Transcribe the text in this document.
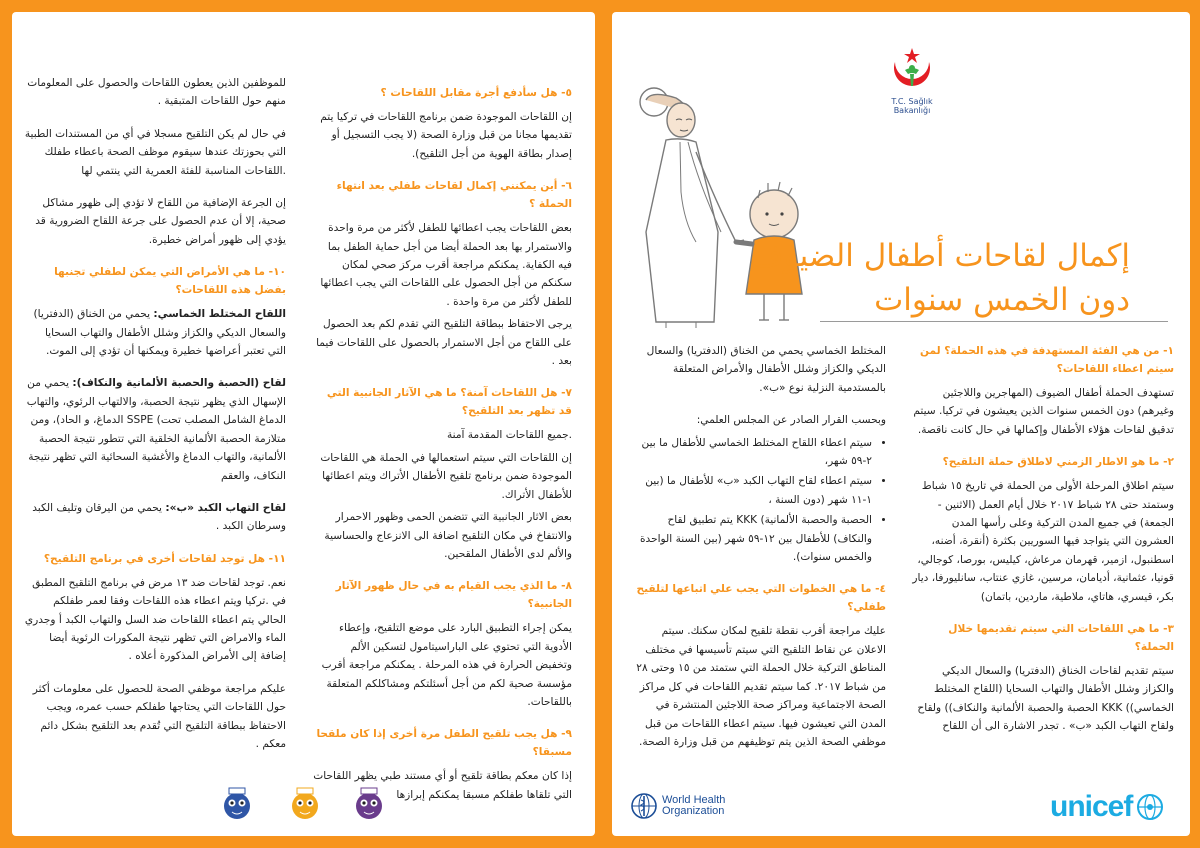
للموظفين الذين يعطون اللقاحات والحصول على المعلومات منهم حول اللقاحات المتبقية .

في حال لم يكن التلقيح مسجلا في أي من المستندات الطبية التي بحوزتك عندها سيقوم موظف الصحة باعطاء طفلك .اللقاحات المناسبة للفئة العمرية التي ينتمي لها

إن الجرعة الإضافية من اللقاح لا تؤدي إلى ظهور مشاكل صحية، إلا أن عدم الحصول على جرعة اللقاح الضرورية قد يؤدي إلى ظهور أمراض خطيرة.

١٠- ما هي الأمراض التي يمكن لطفلي تجنبها بفضل هذه اللقاحات؟

اللقاح المختلط الخماسي: يحمي من الخناق (الدفتريا) والسعال الديكي والكزاز وشلل الأطفال والتهاب السحايا التي تعتبر أعراضها خطيرة ويمكنها أن تؤدي إلى الموت.

لقاح (الحصبة والحصبة الألمانية والنكاف): يحمي من الإسهال الذي يظهر نتيجة الحصبة، والالتهاب الرئوي، والتهاب الدماغ الشامل المصلب تحت) SSPE الدماغ، و الحاد)، ومن متلازمة الحصبة الألمانية الخلقية التي تتطور نتيجة الحصبة الألمانية، والتهاب الدماغ والأغشية السحائية التي تظهر نتيجة النكاف، والعقم

لقاح التهاب الكبد «ب»: يحمي من اليرقان وتليف الكبد وسرطان الكبد .

١١- هل توجد لقاحات أخرى في برنامج التلقيح؟

نعم. توجد لقاحات ضد ١٣ مرض في برنامج التلقيح المطبق في .تركيا ويتم اعطاء هذه اللقاحات وفقا لعمر طفلكم الحالي يتم اعطاء اللقاحات ضد السل والتهاب الكبد أ وجدري الماء والامراض التي تظهر نتيجة المكورات الرئوية أيضا إضافة إلى الأمراض المذكورة أعلاه .

عليكم مراجعة موظفي الصحة للحصول على معلومات أكثر حول اللقاحات التي يحتاجها طفلكم حسب عمره، ويجب الاحتفاظ ببطاقة التلقيح التي تُقدم بعد التلقيح بشكل دائم معكم .

٥- هل سأدفع أجرة مقابل اللقاحات ؟

إن اللقاحات الموجودة ضمن برنامج اللقاحات في تركيا يتم تقديمها مجانا من قبل وزارة الصحة (لا يجب التسجيل أو إصدار بطاقة الهوية من أجل التلقيح).

٦- أين يمكنني إكمال لقاحات طفلي بعد انتهاء الحملة ؟

بعض اللقاحات يجب اعطائها للطفل لأكثر من مرة واحدة والاستمرار بها بعد الحملة أيضا من أجل حماية الطفل بما فيه الكفاية. يمكنكم مراجعة أقرب مركز صحي لمكان سكنكم من أجل الحصول على اللقاحات التي يجب اعطائها للطفل لأكثر من مرة واحدة .

يرجى الاحتفاظ ببطاقة التلقيح التي تقدم لكم بعد الحصول على اللقاح من أجل الاستمرار بالحصول على اللقاحات فيما بعد .

٧- هل اللقاحات آمنة؟ ما هي الآثار الجانبية التي قد تظهر بعد التلقيح؟

.جميع اللقاحات المقدمة آمنة

إن اللقاحات التي سيتم استعمالها في الحملة هي اللقاحات الموجودة ضمن برنامج تلقيح الأطفال الأتراك ويتم اعطائها للأطفال الأتراك.

بعض الاثار الجانبية التي تتضمن الحمى وظهور الاحمرار والانتفاخ في مكان التلقيح اضافة الى الانزعاج والحساسية والألم لدى الأطفال الملقحين.

٨- ما الذي يجب القيام به في حال ظهور الآثار الجانبية؟

يمكن إجراء التطبيق البارد على موضع التلقيح، وإعطاء الأدوية التي تحتوي على الباراسيتامول لتسكين الألم وتخفيض الحرارة في هذه المرحلة . يمكنكم مراجعة أقرب مؤسسة صحية لكم من أجل أسئلتكم ومشاكلكم المتعلقة باللقاحات.

٩- هل يجب تلقيح الطفل مرة أخرى إذا كان ملقحا مسبقا؟

إذا كان معكم بطاقة تلقيح أو أي مستند طبي يظهر اللقاحات التي تلقاها طفلكم مسبقا يمكنكم إبرازها

T.C. Sağlık Bakanlığı
إكمال لقاحات أطفال الضيوف
دون الخمس سنوات
١- من هي الفئة المستهدفة في هذه الحملة؟ لمن سيتم اعطاء اللقاحات؟

تستهدف الحملة أطفال الضيوف (المهاجرين واللاجئين وغيرهم) دون الخمس سنوات الذين يعيشون في تركيا. سيتم تدقيق لقاحات هؤلاء الأطفال وإكمالها في حال كانت ناقصة.

٢- ما هو الاطار الزمني لاطلاق حملة التلقيح؟

سيتم اطلاق المرحلة الأولى من الحملة في تاريخ ١٥ شباط وستمتد حتى ٢٨ شباط ٢٠١٧ خلال أيام العمل (الاثنين - الجمعة) في جميع المدن التركية وعلى رأسها المدن العشرون التي يتواجد فيها السوريين بكثرة (أنقرة، أضنه، اسطنبول، ازمير، قهرمان مرعاش، كيليس، بورصا، كوجالي، قونيا، عثمانية، أديامان، مرسين، غازي عنتاب، سانليورفا، ديار بكر، قيسري، هاتاي، ملاطية، ماردين، باتمان)

٣- ما هي اللقاحات التي سيتم تقديمها خلال الحملة؟

سيتم تقديم لقاحات الخناق (الدفتريا) والسعال الديكي والكزاز وشلل الأطفال والتهاب السحايا (اللقاح المختلط الخماسي)) KKK الحصبة والحصبة الألمانية والنكاف)) ولقاح ولقاح التهاب الكبد «ب» . تجدر الاشارة الى أن اللقاح

المختلط الخماسي يحمي من الخناق (الدفتريا) والسعال الديكي والكزاز وشلل الأطفال والأمراض المتعلقة بالمستدمية النزلية نوع «ب».

وبحسب القرار الصادر عن المجلس العلمي:

• سيتم اعطاء اللقاح المختلط الخماسي للأطفال ما بين ٢-٥٩ شهر،
• سيتم اعطاء لقاح التهاب الكبد «ب» للأطفال ما (بين ١-١١ شهر (دون السنة ،
• الحصبة والحصبة الألمانية) KKK يتم تطبيق لقاح والنكاف) للأطفال بين ١٢-٥٩ شهر (بين السنة الواحدة والخمس سنوات).
٤- ما هي الخطوات التي يجب علي اتباعها لتلقيح طفلي؟

عليك مراجعة أقرب نقطة تلقيح لمكان سكنك. سيتم الاعلان عن نقاط التلقيح التي سيتم تأسيسها في مختلف المناطق التركية خلال الحملة التي ستمتد من ١٥ وحتى ٢٨ من شباط ٢٠١٧. كما سيتم تقديم اللقاحات في كل مراكز الصحة الاجتماعية ومراكز صحة اللاجئين المنتشرة في المدن التي تعيشون فيها. سيتم اعطاء اللقاحات من قبل موظفي الصحة الذين يتم توظيفهم من قبل وزارة الصحة.

World Health
Organization	unicef
